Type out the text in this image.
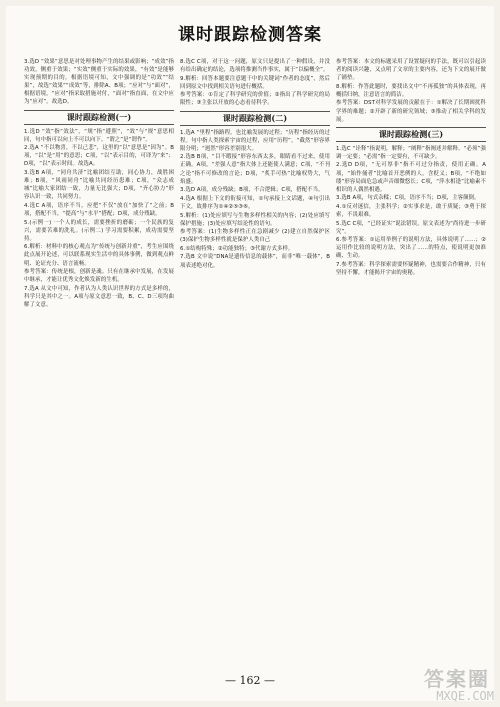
课时跟踪检测答案

3.选D “效果”意思是对处理事物产生的结果或影响；“成效”指功效，侧重于效果；“实效”侧重于实际的效果，“有效”是能够实现预期的目的。根据语境可知，文中强调的是“功效”“结果”，故选“效果”“成效”等，排除A、B项；“应对”与“面对”，根据语境，“应对”指采取措施对付，“面对”指直面，在文中应为“应对”。故选D。

课时跟踪检测(一)

1.选D “效”指“效法”，“规”指“遵照”，“效”与“规”意思相同，句中指可以向上不可以向下。“谓之”是“谓作”。

2.选A “不以物喜，不以己悲”，这里的“以”意思是“因为”。B项，“以”是“用”的意思；C项，“以”表示目的，可译为“来”；D项，“以”表示时间。故选A。

3.选B A项，“同舟共济”比喻团结互助，同心协力，战胜困难；B项，“风雨同舟”比喻共同经历患难；C项，“众志成城”比喻大家团结一致，力量无比强大；D项，“齐心协力”形容认识一致，共同努力。

4.选C A项，语序不当，应把“不仅”放在“加快了”之前；B项，搭配不当，“提高”与“水平”搭配；D项，成分残缺。

5.(示例一) 一个人的成长，需要挫折的磨砺；一个民族的复兴，需要苦难的洗礼。(示例二) 学习需要积累，成功需要坚持。

6.解析：材料中的核心观点为“传统与创新并重”，考生应围绕此点展开论述，可以联系现实生活中的具体事例，做到观点鲜明、论证充分、语言流畅。

参考答案：传统是根，创新是魂。只有在继承中发展，在发展中继承，才能让优秀文化焕发新的生机。

7.选A 从文中可知，作者认为人类认识世界的方式是多样的，科学只是其中之一。A项与原文意思一致，B、C、D三项均曲解了文意。

8.选C C项，对于这一问题，原文只是提出了一种假设，并没有给出确定的结论，选项将推测当作事实，属于“以偏概全”。

9.解析：回答本题要注意题干中的关键词“作者的态度”，然后回到原文中找到相关语句进行概括。

参考答案：①肯定了科学研究的价值；②指出了科学研究的局限性；③主张以开放的心态看待科学。

课时跟踪检测(二)

1.选A “里程”指路程，也比喻发展的过程；“历程”指经历的过程。句中指人类探索宇宙的过程，应用“历程”。“截然”形容界限分明；“迥然”形容差别很大。

2.选B B项，“目不暇接”形容东西太多，眼睛看不过来，使用正确。A项，“差强人意”指大体上还能使人满意；C项，“不刊之论”指不可修改的言论；D项，“炙手可热”比喻权势大，气焰盛。

3.选D A项，成分残缺；B项，不合逻辑；C项，搭配不当。

4.选A 根据上下文的衔接可知，①句承接上文话题，④句引出下文，故排序为①④②⑤③⑥。

5.解析：(1)处应填写与生物多样性相关的内容；(2)处应填写保护措施；(3)处应填写结论性的语句。

参考答案：(1)生物多样性正在急剧减少 (2)建立自然保护区 (3)保护生物多样性就是保护人类自己

6.①结构特殊；②功能独特；③代谢方式多样。

7.选B 文中说“DNA是遗传信息的载体”，而非“唯一载体”，B项表述绝对化。

参考答案：本文的标题采用了设置疑问的手法，既可以引起读者的阅读兴趣，又点明了文章的主要内容，还为下文的展开做了铺垫。

8.解析：作答此题时，要找出文中“不再孤独”的具体表现，再概括归纳，注意语言的简洁。

参考答案：DST对科学发展的贡献在于：①解决了长期困扰科学界的难题；②开辟了新的研究领域；③推动了相关学科的发展。

课时跟踪检测(三)

1.选C “诠释”指说明，解释；“阐释”指阐述并解释。“必须”强调一定要；“必需”指一定要有，不可缺少。

2.选D D项，“无可厚非”指不可过分指责，使用正确。A项，“始作俑者”比喻首开恶例的人，含贬义；B项，“不绝如缕”形容局面危急或声音细微悠长；C项，“萍水相逢”比喻素不相识的人偶然相遇。

3.选B A项，句式杂糅；C项，语序不当；D项，主客颠倒。

4.①反对迷信，主张科学；②实事求是，敢于质疑；③勇于探索，不畏艰难。

5.选C C项，“已经证实”说法错误，原文表述为“尚待进一步研究”。

6.参考答案：①运用举例子的说明方法，具体说明了……；②运用作比较的说明方法，突出了……的特点，使说明更加准确、生动。

7.参考答案：科学探索需要怀疑精神，也需要合作精神，只有坚持不懈，才能揭开宇宙的奥秘。

— 162 —	答案圈
MXQE.COM
